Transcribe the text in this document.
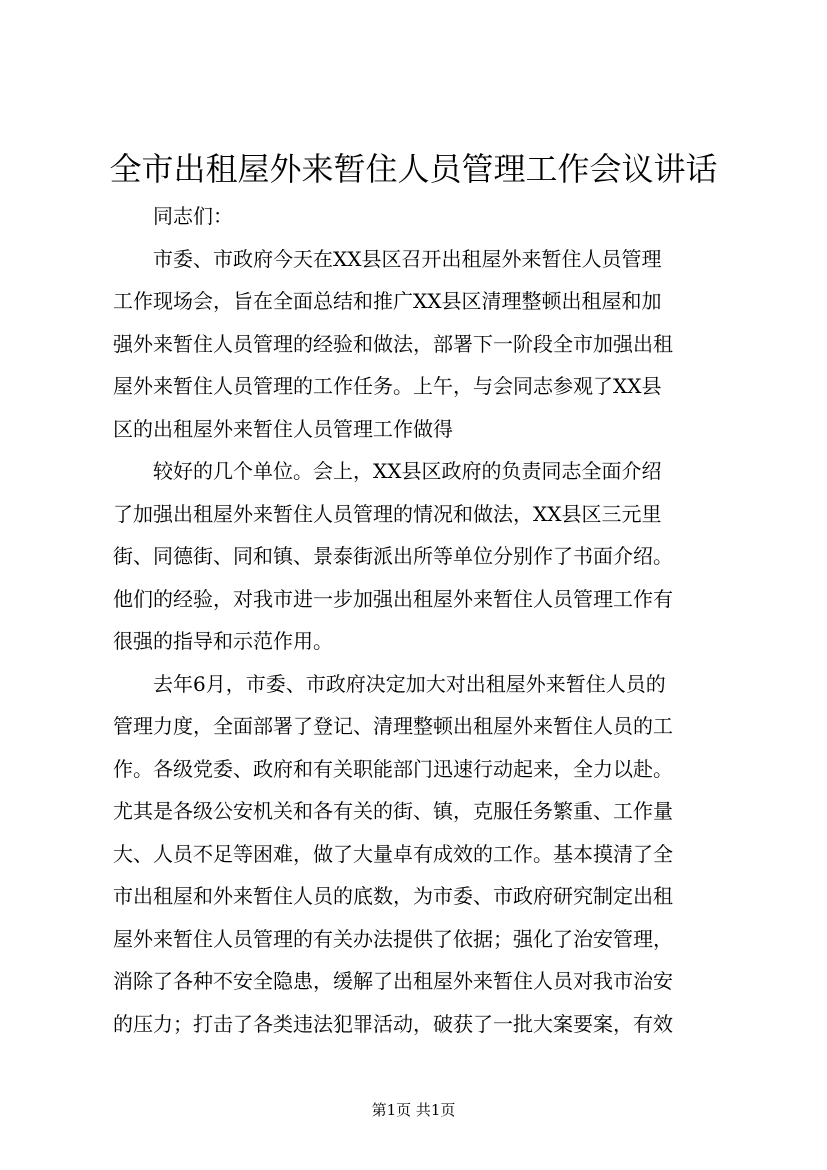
全市出租屋外来暂住人员管理工作会议讲话
同志们：
市委、市政府今天在XX县区召开出租屋外来暂住人员管理
工作现场会，旨在全面总结和推广XX县区清理整顿出租屋和加
强外来暂住人员管理的经验和做法，部署下一阶段全市加强出租
屋外来暂住人员管理的工作任务。上午，与会同志参观了XX县
区的出租屋外来暂住人员管理工作做得
较好的几个单位。会上，XX县区政府的负责同志全面介绍
了加强出租屋外来暂住人员管理的情况和做法，XX县区三元里
街、同德街、同和镇、景泰街派出所等单位分别作了书面介绍。
他们的经验，对我市进一步加强出租屋外来暂住人员管理工作有
很强的指导和示范作用。
去年6月，市委、市政府决定加大对出租屋外来暂住人员的
管理力度，全面部署了登记、清理整顿出租屋外来暂住人员的工
作。各级党委、政府和有关职能部门迅速行动起来，全力以赴。
尤其是各级公安机关和各有关的街、镇，克服任务繁重、工作量
大、人员不足等困难，做了大量卓有成效的工作。基本摸清了全
市出租屋和外来暂住人员的底数，为市委、市政府研究制定出租
屋外来暂住人员管理的有关办法提供了依据；强化了治安管理，
消除了各种不安全隐患，缓解了出租屋外来暂住人员对我市治安
的压力；打击了各类违法犯罪活动，破获了一批大案要案，有效
第1页 共1页
